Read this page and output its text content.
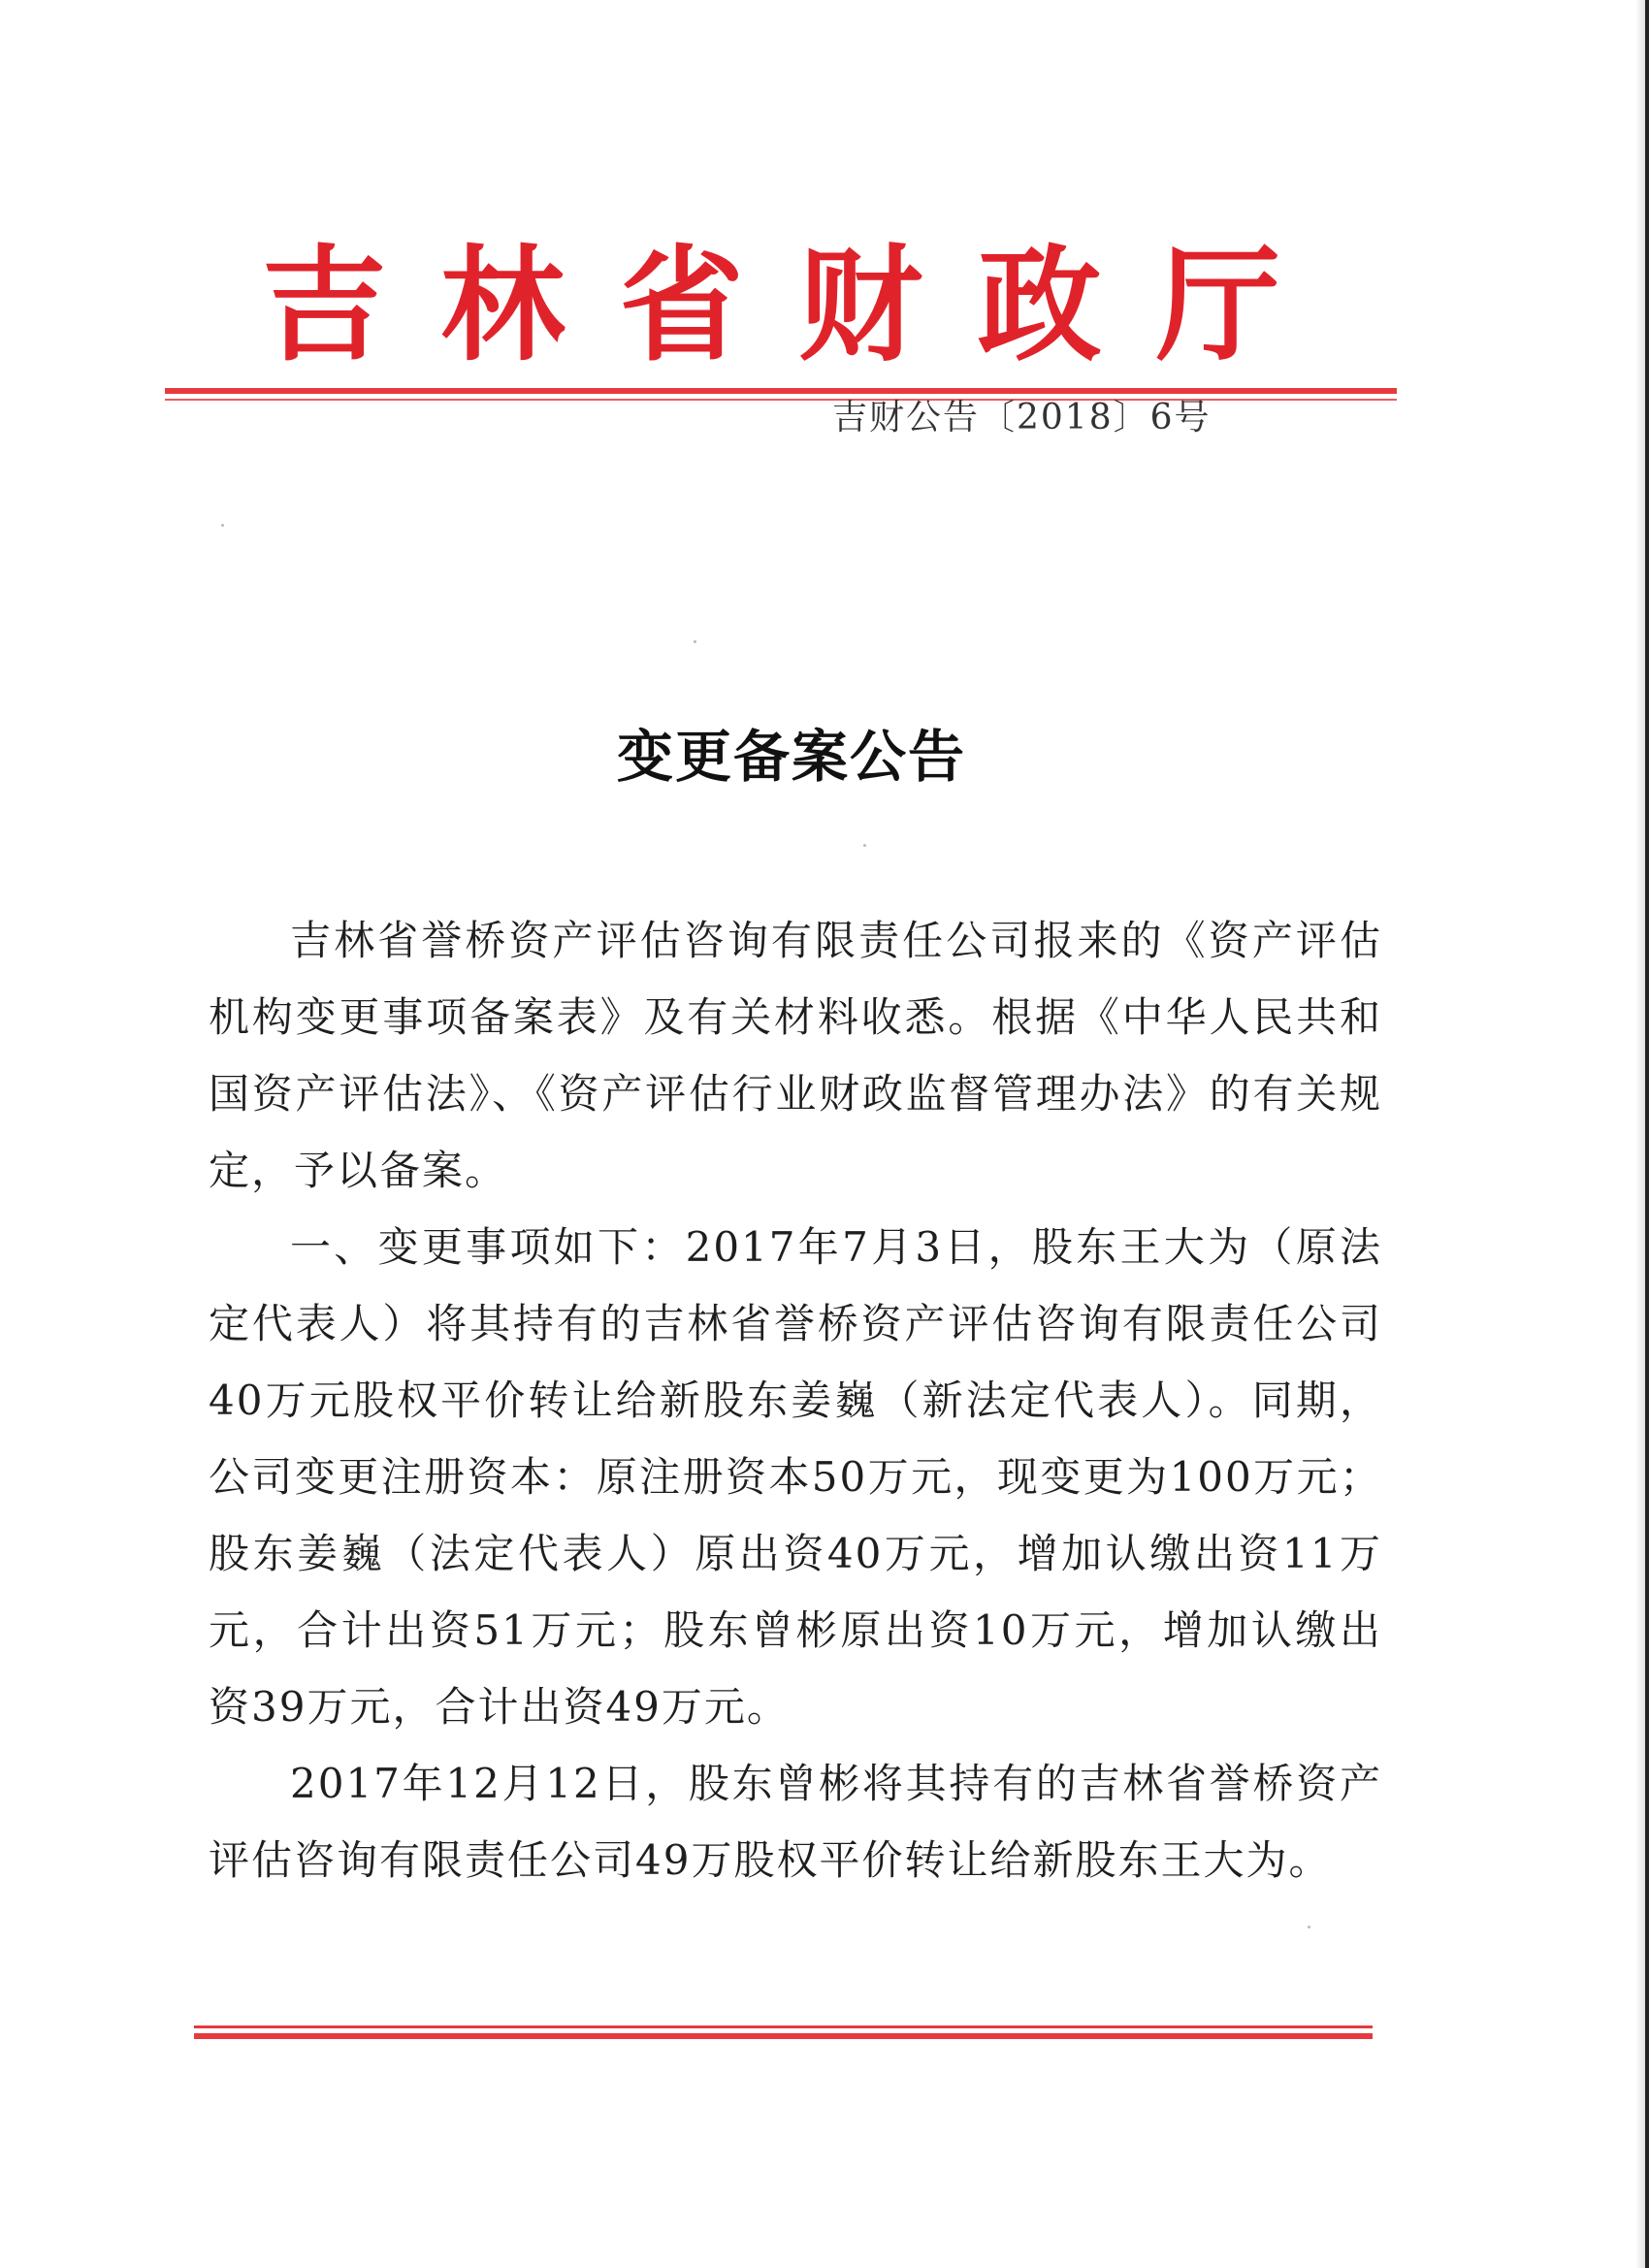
吉 林 省 财 政 厅
吉财公告〔2018〕6号
变更备案公告

吉林省誉桥资产评估咨询有限责任公司报来的《资产评估机构变更事项备案表》及有关材料收悉。根据《中华人民共和国资产评估法》、《资产评估行业财政监督管理办法》的有关规定，予以备案。

一、变更事项如下：2017年7月3日，股东王大为（原法定代表人）将其持有的吉林省誉桥资产评估咨询有限责任公司40万元股权平价转让给新股东姜巍（新法定代表人）。同期，公司变更注册资本：原注册资本50万元，现变更为100万元；股东姜巍（法定代表人）原出资40万元，增加认缴出资11万元，合计出资51万元；股东曾彬原出资10万元，增加认缴出资39万元，合计出资49万元。

2017年12月12日，股东曾彬将其持有的吉林省誉桥资产评估咨询有限责任公司49万股权平价转让给新股东王大为。
